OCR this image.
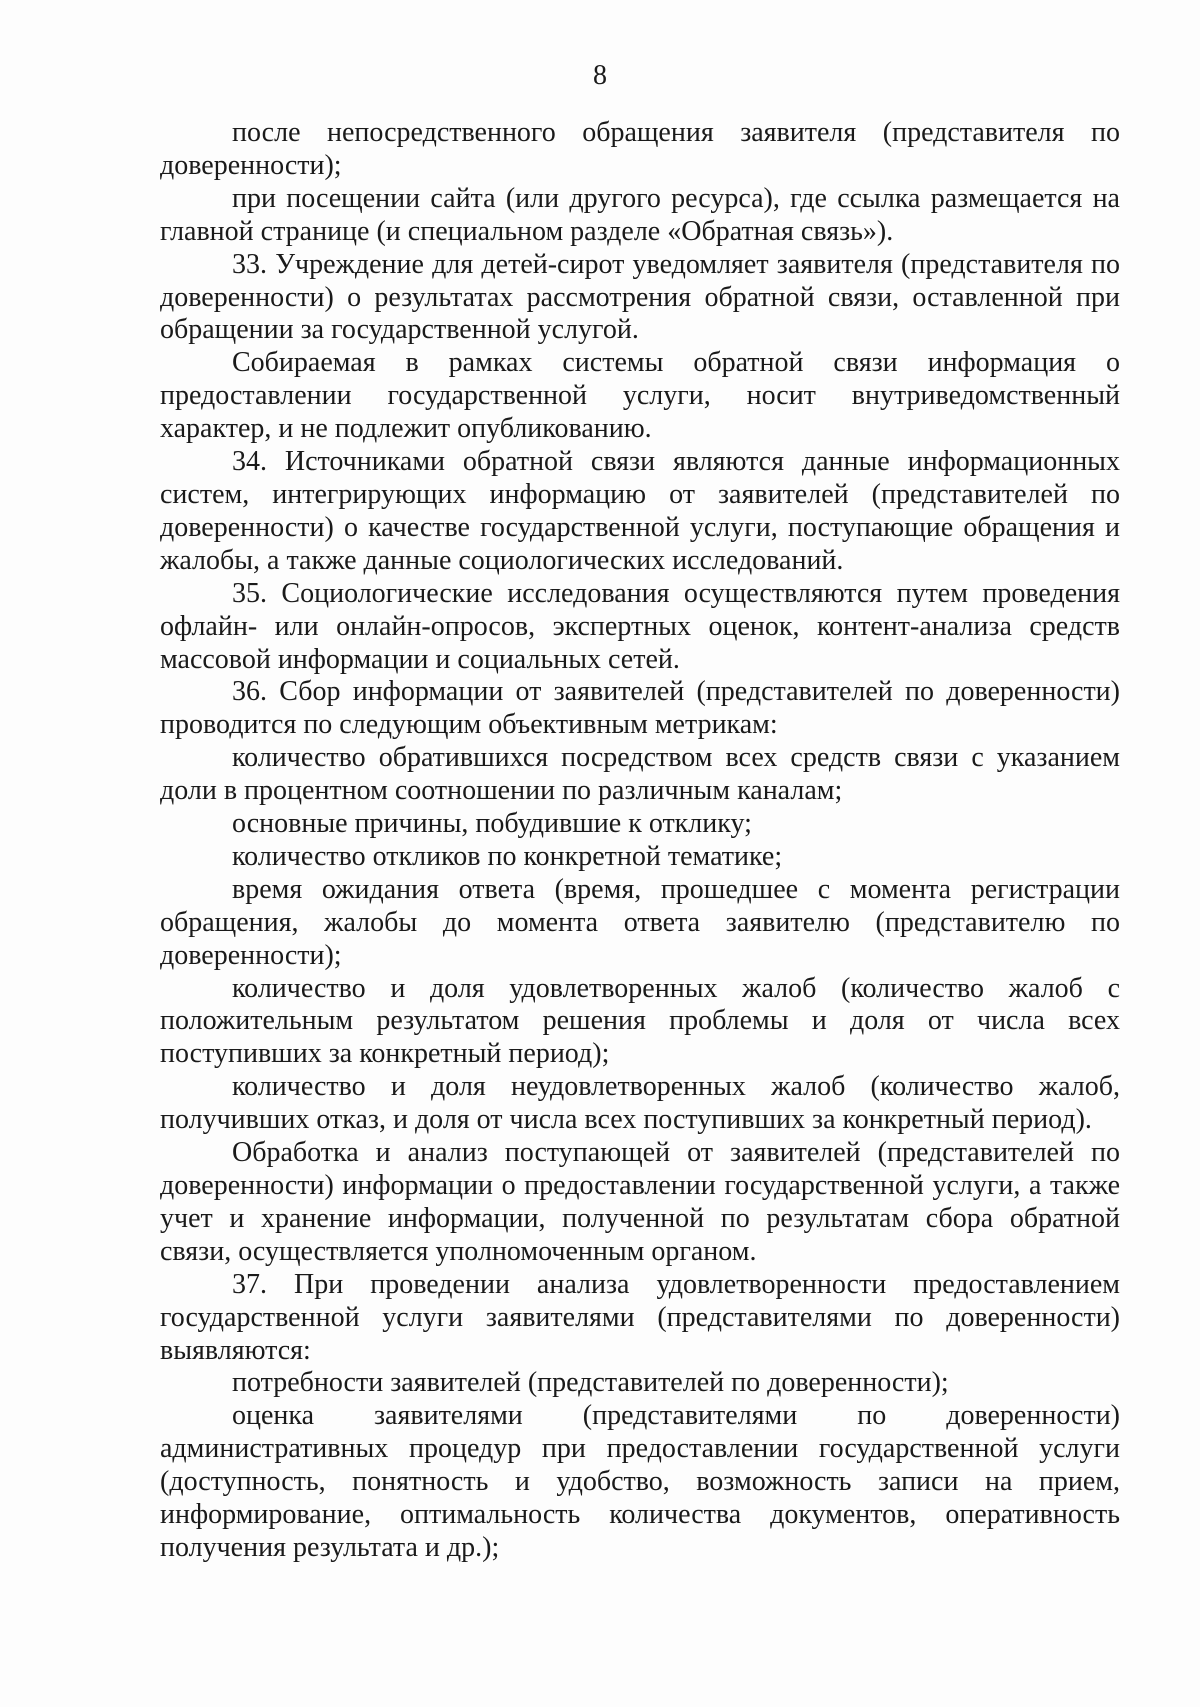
8

после непосредственного обращения заявителя (представителя по доверенности);

при посещении сайта (или другого ресурса), где ссылка размещается на главной странице (и специальном разделе «Обратная связь»).

33. Учреждение для детей-сирот уведомляет заявителя (представителя по доверенности) о результатах рассмотрения обратной связи, оставленной при обращении за государственной услугой.

Собираемая в рамках системы обратной связи информация о предоставлении государственной услуги, носит внутриведомственный характер, и не подлежит опубликованию.

34. Источниками обратной связи являются данные информационных систем, интегрирующих информацию от заявителей (представителей по доверенности) о качестве государственной услуги, поступающие обращения и жалобы, а также данные социологических исследований.

35. Социологические исследования осуществляются путем проведения офлайн- или онлайн-опросов, экспертных оценок, контент-анализа средств массовой информации и социальных сетей.

36. Сбор информации от заявителей (представителей по доверенности) проводится по следующим объективным метрикам:

количество обратившихся посредством всех средств связи с указанием доли в процентном соотношении по различным каналам;

основные причины, побудившие к отклику;

количество откликов по конкретной тематике;

время ожидания ответа (время, прошедшее с момента регистрации обращения, жалобы до момента ответа заявителю (представителю по доверенности);

количество и доля удовлетворенных жалоб (количество жалоб с положительным результатом решения проблемы и доля от числа всех поступивших за конкретный период);

количество и доля неудовлетворенных жалоб (количество жалоб, получивших отказ, и доля от числа всех поступивших за конкретный период).

Обработка и анализ поступающей от заявителей (представителей по доверенности) информации о предоставлении государственной услуги, а также учет и хранение информации, полученной по результатам сбора обратной связи, осуществляется уполномоченным органом.

37. При проведении анализа удовлетворенности предоставлением государственной услуги заявителями (представителями по доверенности) выявляются:

потребности заявителей (представителей по доверенности);

оценка заявителями (представителями по доверенности) административных процедур при предоставлении государственной услуги (доступность, понятность и удобство, возможность записи на прием, информирование, оптимальность количества документов, оперативность получения результата и др.);
